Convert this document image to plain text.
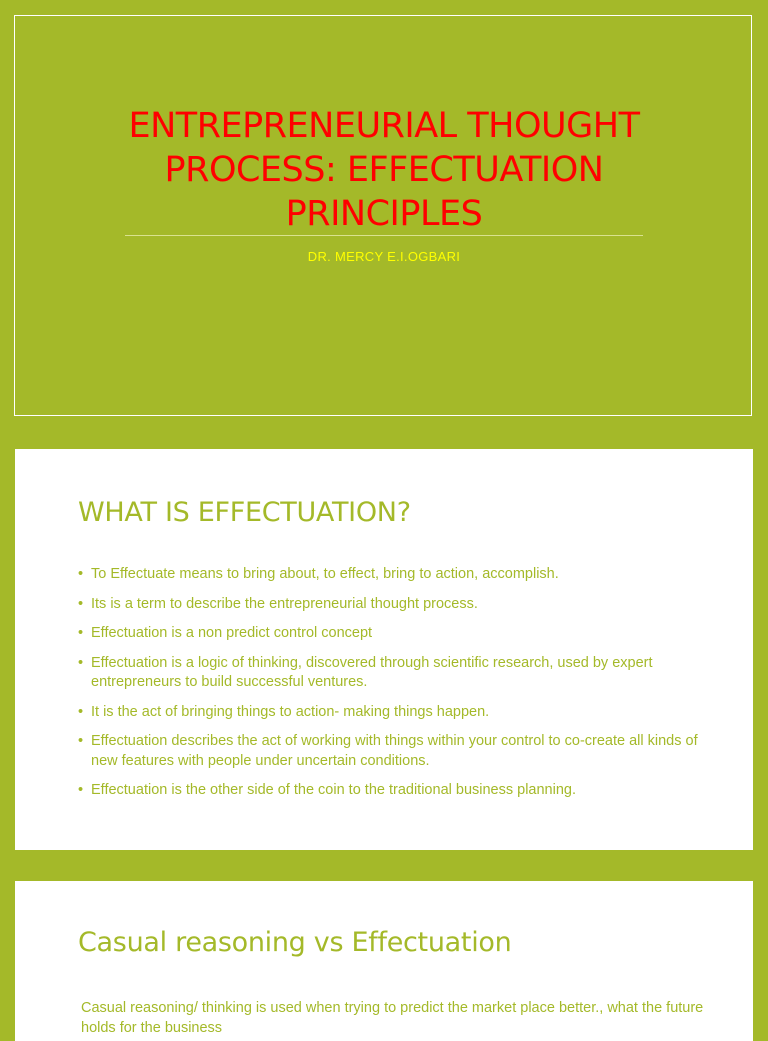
ENTREPRENEURIAL THOUGHT
PROCESS: EFFECTUATION
PRINCIPLES
DR. MERCY E.I.OGBARI
WHAT IS EFFECTUATION?
• To Effectuate means to bring about, to effect, bring to action, accomplish.
• Its is a term to describe the entrepreneurial thought process.
• Effectuation is a non predict control concept
• Effectuation is a logic of thinking, discovered through scientific research, used by expert entrepreneurs to build successful ventures.
• It is the act of bringing things to action- making things happen.
• Effectuation describes the act of working with things within your control to co-create all kinds of new features with people under uncertain conditions.
• Effectuation is the other side of the coin to the traditional business planning.
Casual reasoning vs Effectuation

Casual reasoning/ thinking is used when trying to predict the market place better., what the future holds for the business
